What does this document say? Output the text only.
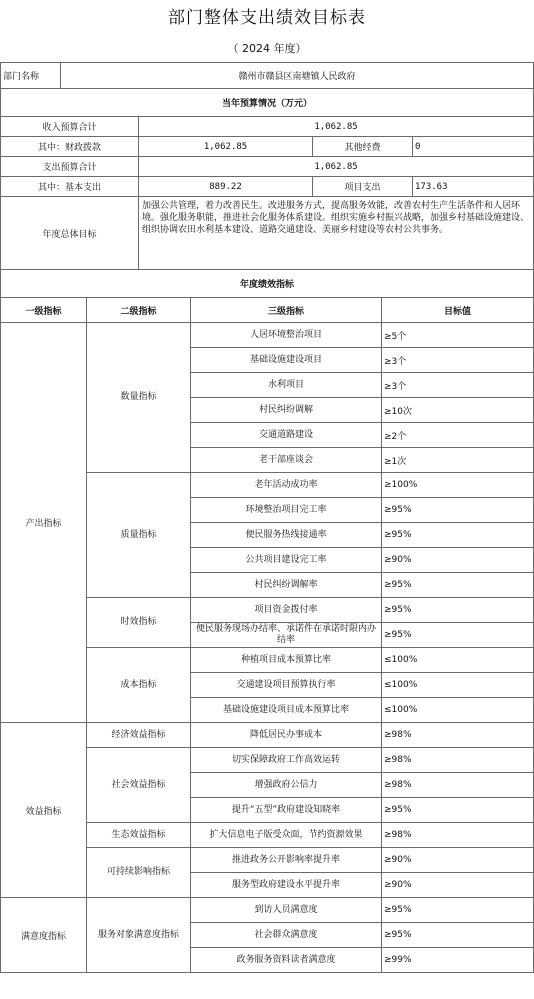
部门整体支出绩效目标表
（ 2024 年度）
部门名称	赣州市赣县区南塘镇人民政府						
当年预算情况（万元）							
收入预算合计			1,062.85				
其中：财政拨款			1,062.85		其他经费		0
支出预算合计			1,062.85				
其中：基本支出			889.22		项目支出		173.63
年度总体目标			加强公共管理，着力改善民生。改进服务方式，提高服务效能，改善农村生产生活条件和人居环境。强化服务职能，推进社会化服务体系建设。组织实施乡村振兴战略，加强乡村基础设施建设、组织协调农田水利基本建设、道路交通建设、美丽乡村建设等农村公共事务。				
年度绩效指标							
一级指标		二级指标		三级指标		目标值	
产出指标		数量指标		人居环境整治项目		≥5个	
				基础设施建设项目		≥3个	
				水利项目		≥3个	
				村民纠纷调解		≥10次	
				交通道路建设		≥2个	
				老干部座谈会		≥1次	
		质量指标		老年活动成功率		≥100%	
				环境整治项目完工率		≥95%	
				便民服务热线接通率		≥95%	
				公共项目建设完工率		≥90%	
				村民纠纷调解率		≥95%	
		时效指标		项目资金拨付率		≥95%	
				便民服务现场办结率、承诺件在承诺时限内办结率		≥95%	
		成本指标		种植项目成本预算比率		≤100%	
				交通建设项目预算执行率		≤100%	
				基础设施建设项目成本预算比率		≤100%	
效益指标		经济效益指标		降低居民办事成本		≥98%	
		社会效益指标		切实保障政府工作高效运转		≥98%	
				增强政府公信力		≥98%	
				提升“五型”政府建设知晓率		≥95%	
		生态效益指标		扩大信息电子版受众面，节约资源效果		≥98%	
		可持续影响指标		推进政务公开影响率提升率		≥90%	
				服务型政府建设水平提升率		≥90%	
满意度指标		服务对象满意度指标		到访人员满意度		≥95%	
				社会群众满意度		≥95%	
				政务服务资料读者满意度		≥99%	
